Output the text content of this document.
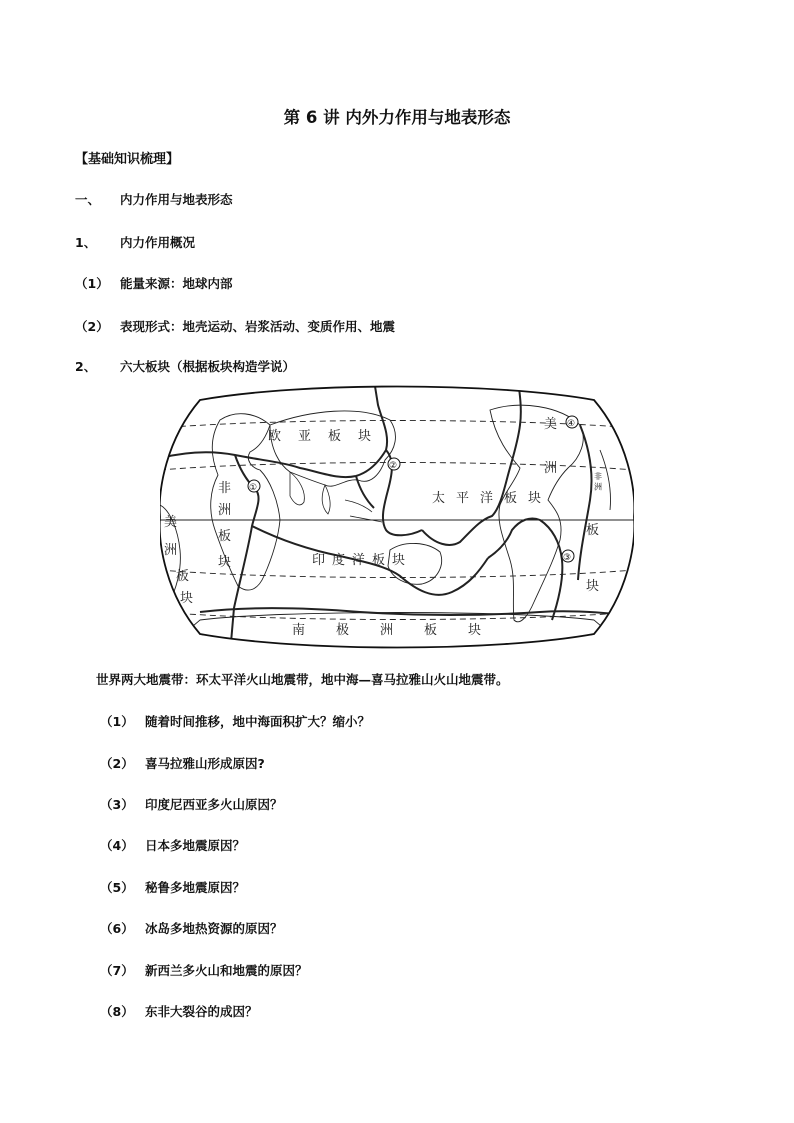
第 6 讲 内外力作用与地表形态
【基础知识梳理】
一、 内力作用与地表形态
1、 内力作用概况
（1） 能量来源：地球内部
（2） 表现形式：地壳运动、岩浆活动、变质作用、地震
2、 六大板块（根据板块构造学说）
欧 亚 板 块
非
洲
板
块
太 平 洋 板 块
印 度 洋 板 块
南 极 洲 板 块
美
洲
板
块
美
洲
板
块
非 洲
①
②
③
④
世界两大地震带：环太平洋火山地震带，地中海—喜马拉雅山火山地震带。
（1） 随着时间推移，地中海面积扩大？缩小？
（2） 喜马拉雅山形成原因?
（3） 印度尼西亚多火山原因？
（4） 日本多地震原因？
（5） 秘鲁多地震原因？
（6） 冰岛多地热资源的原因？
（7） 新西兰多火山和地震的原因？
（8） 东非大裂谷的成因？
